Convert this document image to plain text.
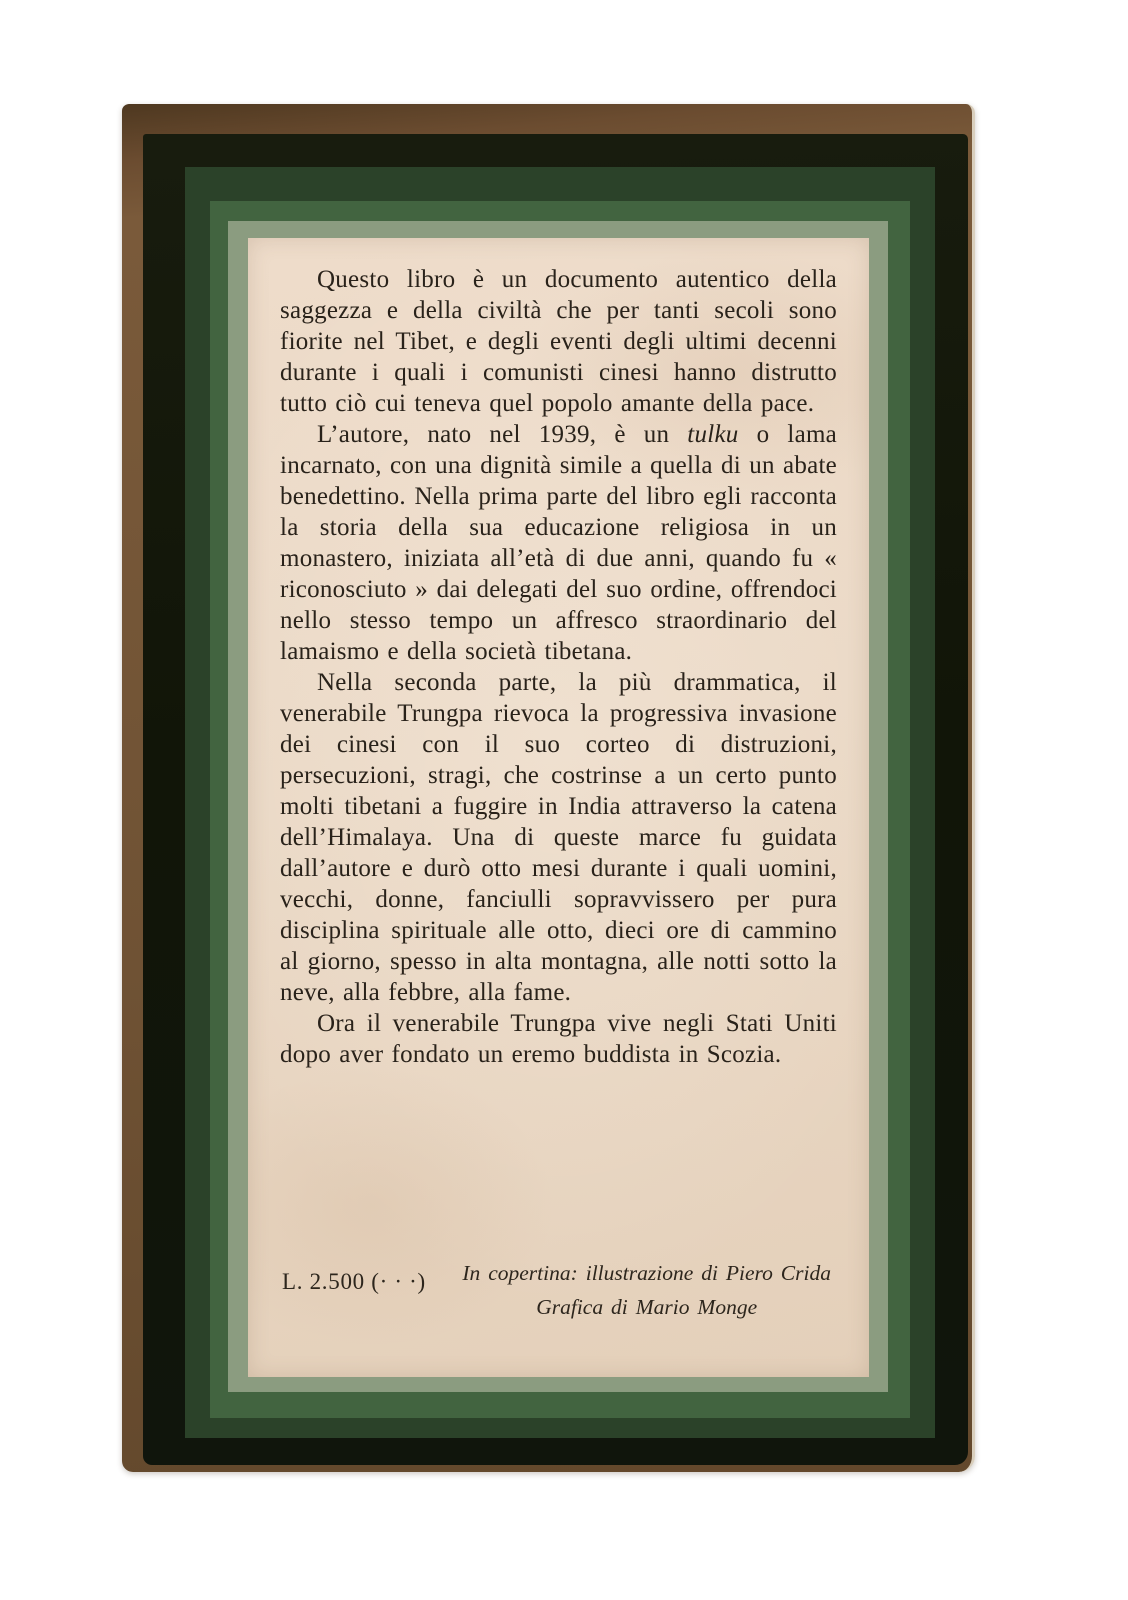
Questo libro è un documento autentico della saggezza e della civiltà che per tanti secoli sono fiorite nel Tibet, e degli eventi degli ultimi decenni durante i quali i comunisti cinesi hanno distrutto tutto ciò cui teneva quel popolo amante della pace.

L’autore, nato nel 1939, è un tulku o lama incarnato, con una dignità simile a quella di un abate benedettino. Nella prima parte del libro egli racconta la storia della sua educazione religiosa in un monastero, iniziata all’età di due anni, quando fu « riconosciuto » dai delegati del suo ordine, offrendoci nello stesso tempo un affresco straordinario del lamaismo e della società tibetana.

Nella seconda parte, la più drammatica, il venerabile Trungpa rievoca la progressiva invasione dei cinesi con il suo corteo di distruzioni, persecuzioni, stragi, che costrinse a un certo punto molti tibetani a fuggire in India attraverso la catena dell’Himalaya. Una di queste marce fu guidata dall’autore e durò otto mesi durante i quali uomini, vecchi, donne, fanciulli sopravvissero per pura disciplina spirituale alle otto, dieci ore di cammino al giorno, spesso in alta montagna, alle notti sotto la neve, alla febbre, alla fame.

Ora il venerabile Trungpa vive negli Stati Uniti dopo aver fondato un eremo buddista in Scozia.

L. 2.500 (· · ·) In copertina: illustrazione di Piero Crida
Grafica di Mario Monge
